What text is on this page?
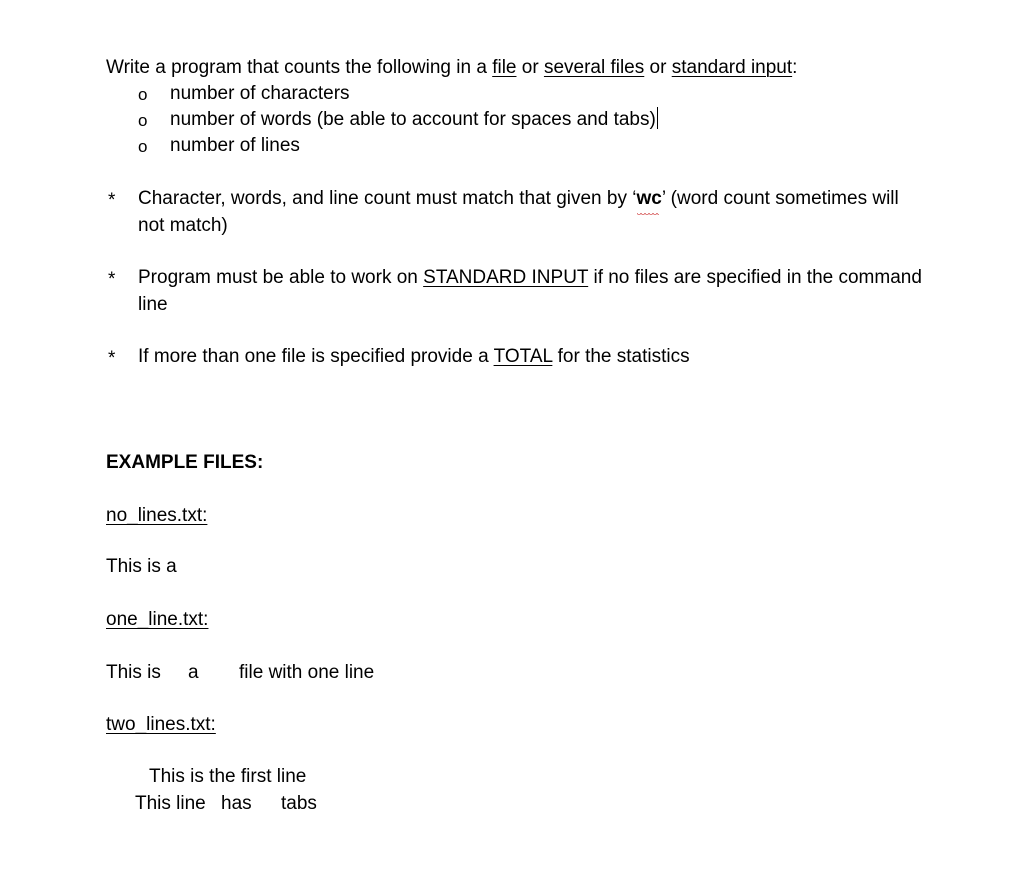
Write a program that counts the following in a file or several files or standard input:
o number of characters
o number of words (be able to account for spaces and tabs)
o number of lines
* Character, words, and line count must match that given by ‘wc
’ (word count sometimes will
not match)
* Program must be able to work on STANDARD INPUT if no files are specified in the command
line
* If more than one file is specified provide a TOTAL for the statistics
EXAMPLE FILES:
no_lines.txt:
This is a
one_line.txt:
This is a file with one line
two_lines.txt:
This is the first line
This line has tabs
